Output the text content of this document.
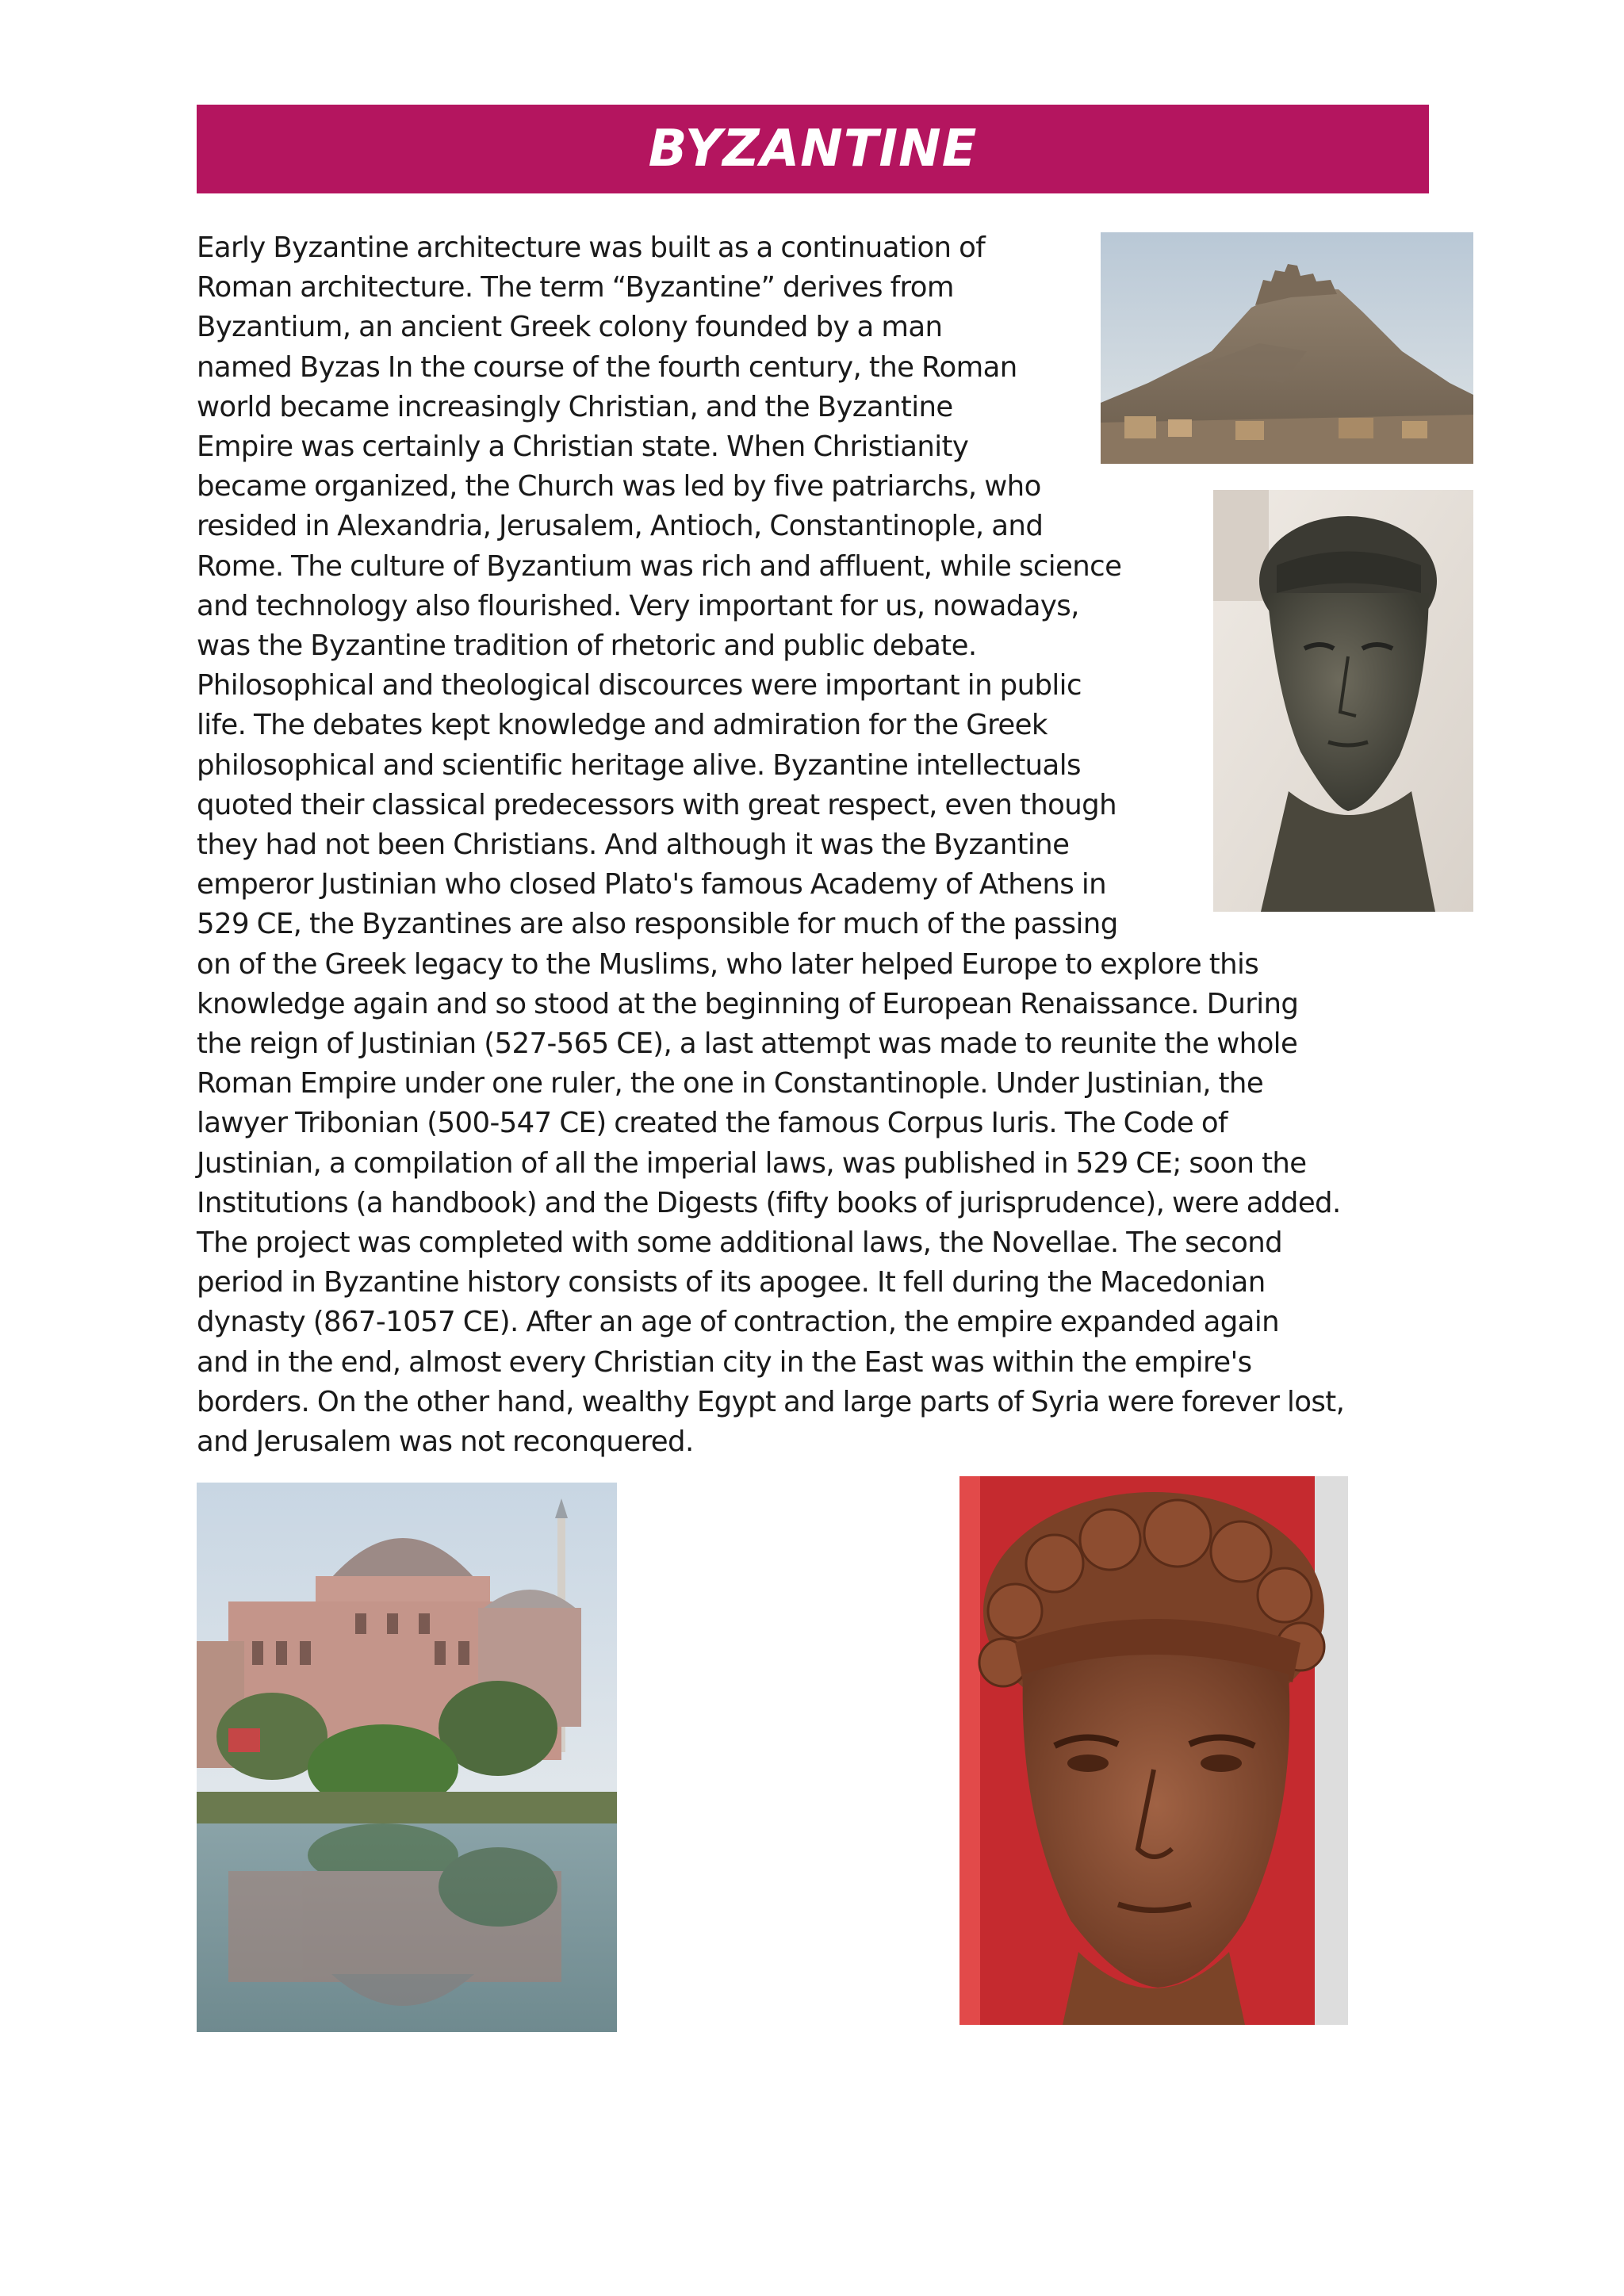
BYZANTINE
Early Byzantine architecture was built as a continuation of
Roman architecture. The term “Byzantine” derives from
Byzantium, an ancient Greek colony founded by a man
named Byzas In the course of the fourth century, the Roman
world became increasingly Christian, and the Byzantine
Empire was certainly a Christian state. When Christianity
became organized, the Church was led by five patriarchs, who
resided in Alexandria, Jerusalem, Antioch, Constantinople, and
Rome. The culture of Byzantium was rich and affluent, while science
and technology also flourished. Very important for us, nowadays,
was the Byzantine tradition of rhetoric and public debate.
Philosophical and theological discources were important in public
life. The debates kept knowledge and admiration for the Greek
philosophical and scientific heritage alive. Byzantine intellectuals
quoted their classical predecessors with great respect, even though
they had not been Christians. And although it was the Byzantine
emperor Justinian who closed Plato's famous Academy of Athens in
529 CE, the Byzantines are also responsible for much of the passing
on of the Greek legacy to the Muslims, who later helped Europe to explore this
knowledge again and so stood at the beginning of European Renaissance. During
the reign of Justinian (527-565 CE), a last attempt was made to reunite the whole
Roman Empire under one ruler, the one in Constantinople. Under Justinian, the
lawyer Tribonian (500-547 CE) created the famous Corpus Iuris. The Code of
Justinian, a compilation of all the imperial laws, was published in 529 CE; soon the
Institutions (a handbook) and the Digests (fifty books of jurisprudence), were added.
The project was completed with some additional laws, the Novellae. The second
period in Byzantine history consists of its apogee. It fell during the Macedonian
dynasty (867-1057 CE). After an age of contraction, the empire expanded again
and in the end, almost every Christian city in the East was within the empire's
borders. On the other hand, wealthy Egypt and large parts of Syria were forever lost,
and Jerusalem was not reconquered.
